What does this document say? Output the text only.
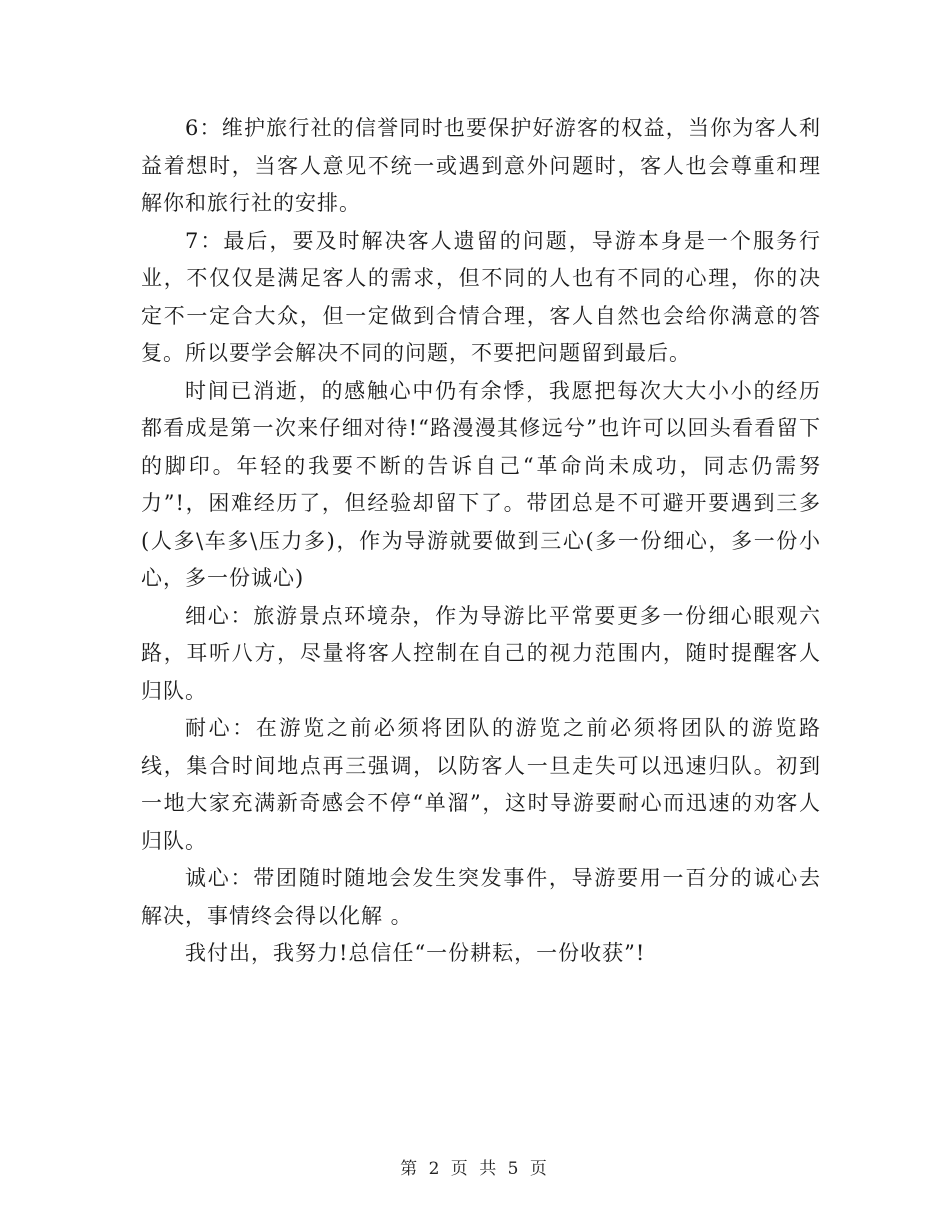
6：维护旅行社的信誉同时也要保护好游客的权益，当你为客人利益着想时，当客人意见不统一或遇到意外问题时，客人也会尊重和理解你和旅行社的安排。

7：最后，要及时解决客人遗留的问题，导游本身是一个服务行业，不仅仅是满足客人的需求，但不同的人也有不同的心理，你的决定不一定合大众，但一定做到合情合理，客人自然也会给你满意的答复。所以要学会解决不同的问题，不要把问题留到最后。

时间已消逝，的感触心中仍有余悸，我愿把每次大大小小的经历都看成是第一次来仔细对待!“路漫漫其修远兮”也许可以回头看看留下的脚印。年轻的我要不断的告诉自己“革命尚未成功，同志仍需努力”!，困难经历了，但经验却留下了。带团总是不可避开要遇到三多(人多\车多\压力多)，作为导游就要做到三心(多一份细心，多一份小心，多一份诚心)

细心：旅游景点环境杂，作为导游比平常要更多一份细心眼观六路，耳听八方，尽量将客人控制在自己的视力范围内，随时提醒客人归队。

耐心：在游览之前必须将团队的游览之前必须将团队的游览路线，集合时间地点再三强调，以防客人一旦走失可以迅速归队。初到一地大家充满新奇感会不停“单溜”，这时导游要耐心而迅速的劝客人归队。

诚心：带团随时随地会发生突发事件，导游要用一百分的诚心去解决，事情终会得以化解 。

我付出，我努力!总信任“一份耕耘，一份收获”!

第 2 页 共 5 页
